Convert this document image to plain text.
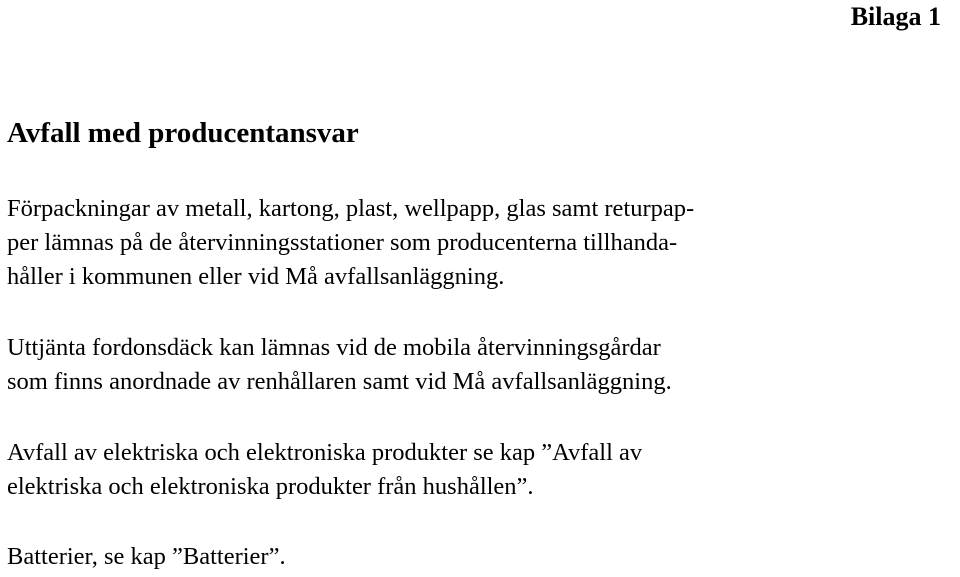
Bilaga 1

Avfall med producentansvar

Förpackningar av metall, kartong, plast, wellpapp, glas samt returpap-
per lämnas på de återvinningsstationer som producenterna tillhanda-
håller i kommunen eller vid Må avfallsanläggning.

Uttjänta fordonsdäck kan lämnas vid de mobila återvinningsgårdar
som finns anordnade av renhållaren samt vid Må avfallsanläggning.

Avfall av elektriska och elektroniska produkter se kap ”Avfall av
elektriska och elektroniska produkter från hushållen”.

Batterier, se kap ”Batterier”.
